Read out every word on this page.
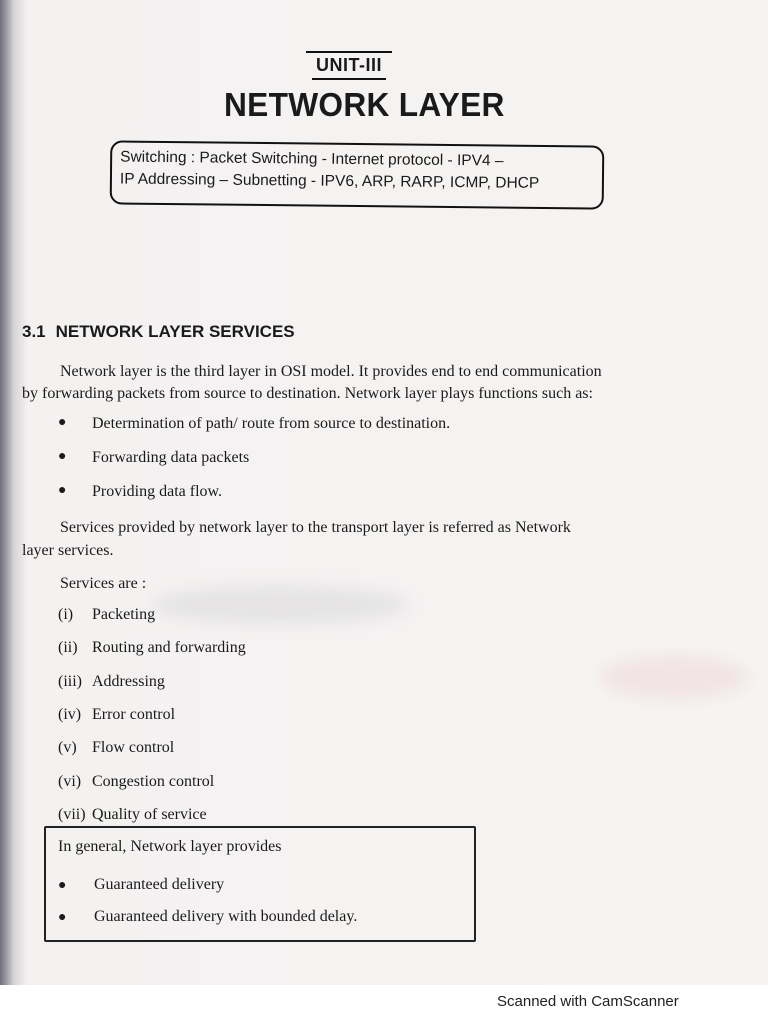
UNIT-III
NETWORK LAYER
Switching : Packet Switching - Internet protocol - IPV4 –
IP Addressing – Subnetting - IPV6, ARP, RARP, ICMP, DHCP
3.1 NETWORK LAYER SERVICES
Network layer is the third layer in OSI model. It provides end to end communication
by forwarding packets from source to destination. Network layer plays functions such as:
● Determination of path/ route from source to destination.
● Forwarding data packets
● Providing data flow.
Services provided by network layer to the transport layer is referred as Network
layer services.
Services are :
(i) Packeting
(ii) Routing and forwarding
(iii) Addressing
(iv) Error control
(v) Flow control
(vi) Congestion control
(vii) Quality of service
In general, Network layer provides
● Guaranteed delivery
● Guaranteed delivery with bounded delay.
Scanned with CamScanner
